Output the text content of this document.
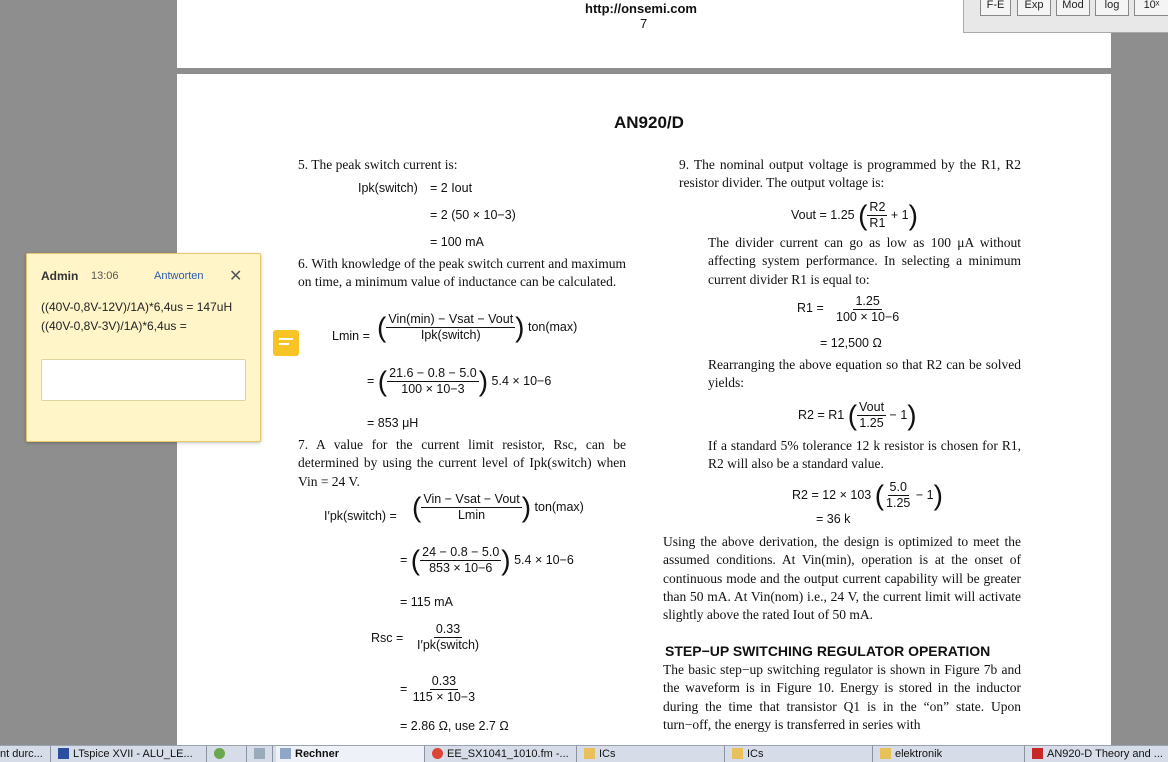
http://onsemi.com
7
AN920/D
5. The peak switch current is:
Ipk(switch) = 2 Iout
= 2 (50 × 10−3)
= 100 mA
6. With knowledge of the peak switch current and maximum on time, a minimum value of inductance can be calculated.
Lmin = ( $\frac{\text{Vin(min) − Vsat − Vout}}{\text{Ipk(switch)}}$ ) ton(max)
= ( $\frac{21.6 - 0.8 - 5.0}{100 \times 10-3}$ ) 5.4 × 10−6
= 853 μH
7. A value for the current limit resistor, Rsc, can be determined by using the current level of Ipk(switch) when Vin = 24 V.
I′pk(switch) = ( $\frac{\text{Vin − Vsat − Vout}}{Lmin}$ ) ton(max)
= ( $\frac{24 - 0.8 - 5.0}{853 \times 10-6}$ ) 5.4 × 10−6
= 115 mA
Rsc = $\frac{0.33}{\text{I′pk(switch)}}$
= $\frac{0.33}{115 \times 10-3}$
= 2.86 Ω, use 2.7 Ω
9. The nominal output voltage is programmed by the R1, R2 resistor divider. The output voltage is:
Vout = 1.25 ( $\frac{R2}{R1} + 1$)
The divider current can go as low as 100 μA without affecting system performance. In selecting a minimum current divider R1 is equal to:
$R1 = \frac{1.25}{100 \times 10-6}$
= 12,500 Ω
Rearranging the above equation so that R2 can be solved yields:
R2 = R1 ( $\frac{\text{Vout}}{1.25} - 1$)
If a standard 5% tolerance 12 k resistor is chosen for R1, R2 will also be a standard value.
R2 = 12 × 103 ( $\frac{5.0}{1.25} - 1$)
= 36 k
Using the above derivation, the design is optimized to meet the assumed conditions. At Vin(min), operation is at the onset of continuous mode and the output current capability will be greater than 50 mA. At Vin(nom) i.e., 24 V, the current limit will activate slightly above the rated Iout of 50 mA.
STEP−UP SWITCHING REGULATOR OPERATION
The basic step−up switching regulator is shown in Figure 7b and the waveform is in Figure 10. Energy is stored in the inductor during the time that transistor Q1 is in the “on” state. Upon turn−off, the energy is transferred in series with
Admin 13:06	Antworten ✕
((40V-0,8V-12V)/1A)*6,4us = 147uH
((40V-0,8V-3V)/1A)*6,4us =
F-E	Exp	Mod	log	10ˣ
nt durc...	LTspice XVII - ALU_LE...	Rechner	EE_SX1041_1010.fm -...	ICs	ICs	elektronik	AN920-D Theory and ...
